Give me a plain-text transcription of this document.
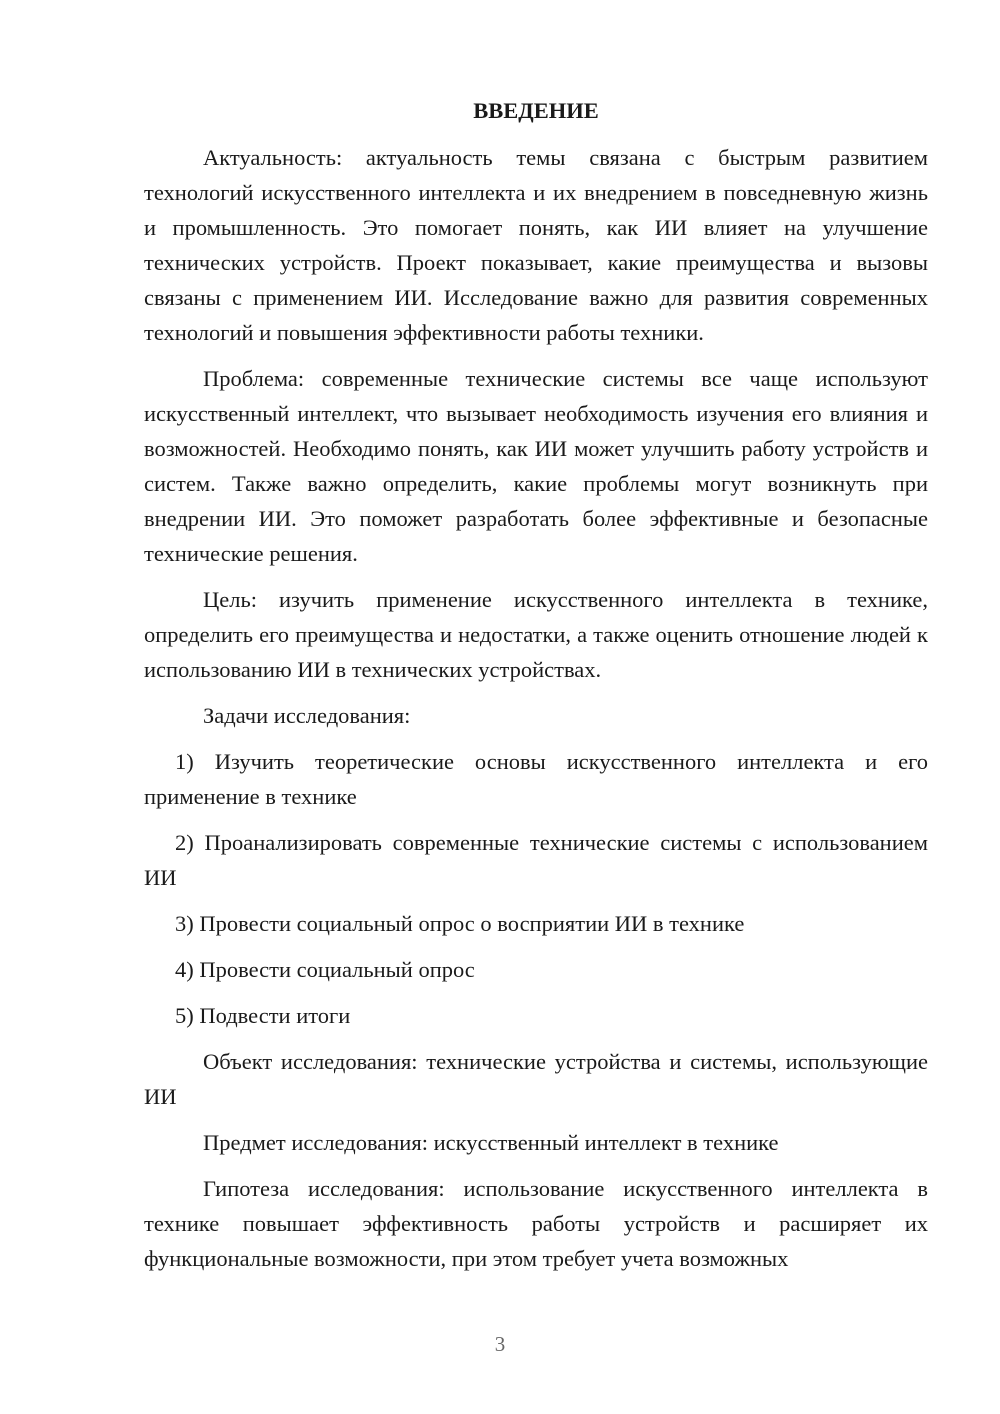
ВВЕДЕНИЕ

Актуальность: актуальность темы связана с быстрым развитием технологий искусственного интеллекта и их внедрением в повседневную жизнь и промышленность. Это помогает понять, как ИИ влияет на улучшение технических устройств. Проект показывает, какие преимущества и вызовы связаны с применением ИИ. Исследование важно для развития современных технологий и повышения эффективности работы техники.

Проблема: современные технические системы все чаще используют искусственный интеллект, что вызывает необходимость изучения его влияния и возможностей. Необходимо понять, как ИИ может улучшить работу устройств и систем. Также важно определить, какие проблемы могут возникнуть при внедрении ИИ. Это поможет разработать более эффективные и безопасные технические решения.

Цель: изучить применение искусственного интеллекта в технике, определить его преимущества и недостатки, а также оценить отношение людей к использованию ИИ в технических устройствах.

Задачи исследования:

1) Изучить теоретические основы искусственного интеллекта и его применение в технике

2) Проанализировать современные технические системы с использованием ИИ

3) Провести социальный опрос о восприятии ИИ в технике

4) Провести социальный опрос

5) Подвести итоги

Объект исследования: технические устройства и системы, использующие ИИ

Предмет исследования: искусственный интеллект в технике

Гипотеза исследования: использование искусственного интеллекта в технике повышает эффективность работы устройств и расширяет их функциональные возможности, при этом требует учета возможных

3
